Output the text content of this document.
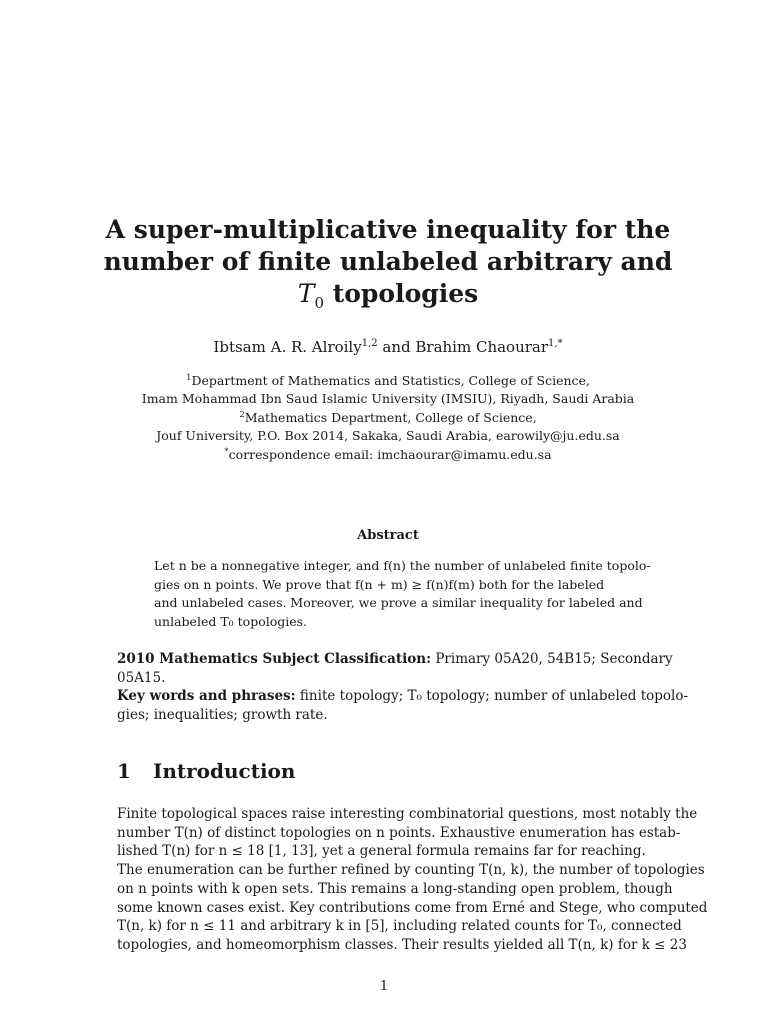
A super-multiplicative inequality for the
number of finite unlabeled arbitrary and
$T_0$ topologies
Ibtsam A. R. Alroily$^{1,2}$ and Brahim Chaourar$^{1,*}$
$^1$Department of Mathematics and Statistics, College of Science,
Imam Mohammad Ibn Saud Islamic University (IMSIU), Riyadh, Saudi Arabia
$^2$Mathematics Department, College of Science,
Jouf University, P.O. Box 2014, Sakaka, Saudi Arabia, earowily@ju.edu.sa
*correspondence email: imchaourar@imamu.edu.sa
Abstract
Let n be a nonnegative integer, and f(n) the number of unlabeled finite topolo-
gies on n points. We prove that f(n + m) ≥ f(n)f(m) both for the labeled
and unlabeled cases. Moreover, we prove a similar inequality for labeled and
unlabeled T₀ topologies.
2010 Mathematics Subject Classification: Primary 05A20, 54B15; Secondary
05A15.
Key words and phrases: finite topology; T₀ topology; number of unlabeled topolo-
gies; inequalities; growth rate.
1 Introduction
Finite topological spaces raise interesting combinatorial questions, most notably the
number T(n) of distinct topologies on n points. Exhaustive enumeration has estab-
lished T(n) for n ≤ 18 [1, 13], yet a general formula remains far for reaching.
The enumeration can be further refined by counting T(n, k), the number of topologies
on n points with k open sets. This remains a long-standing open problem, though
some known cases exist. Key contributions come from Erné and Stege, who computed
T(n, k) for n ≤ 11 and arbitrary k in [5], including related counts for T₀, connected
topologies, and homeomorphism classes. Their results yielded all T(n, k) for k ≤ 23
1
